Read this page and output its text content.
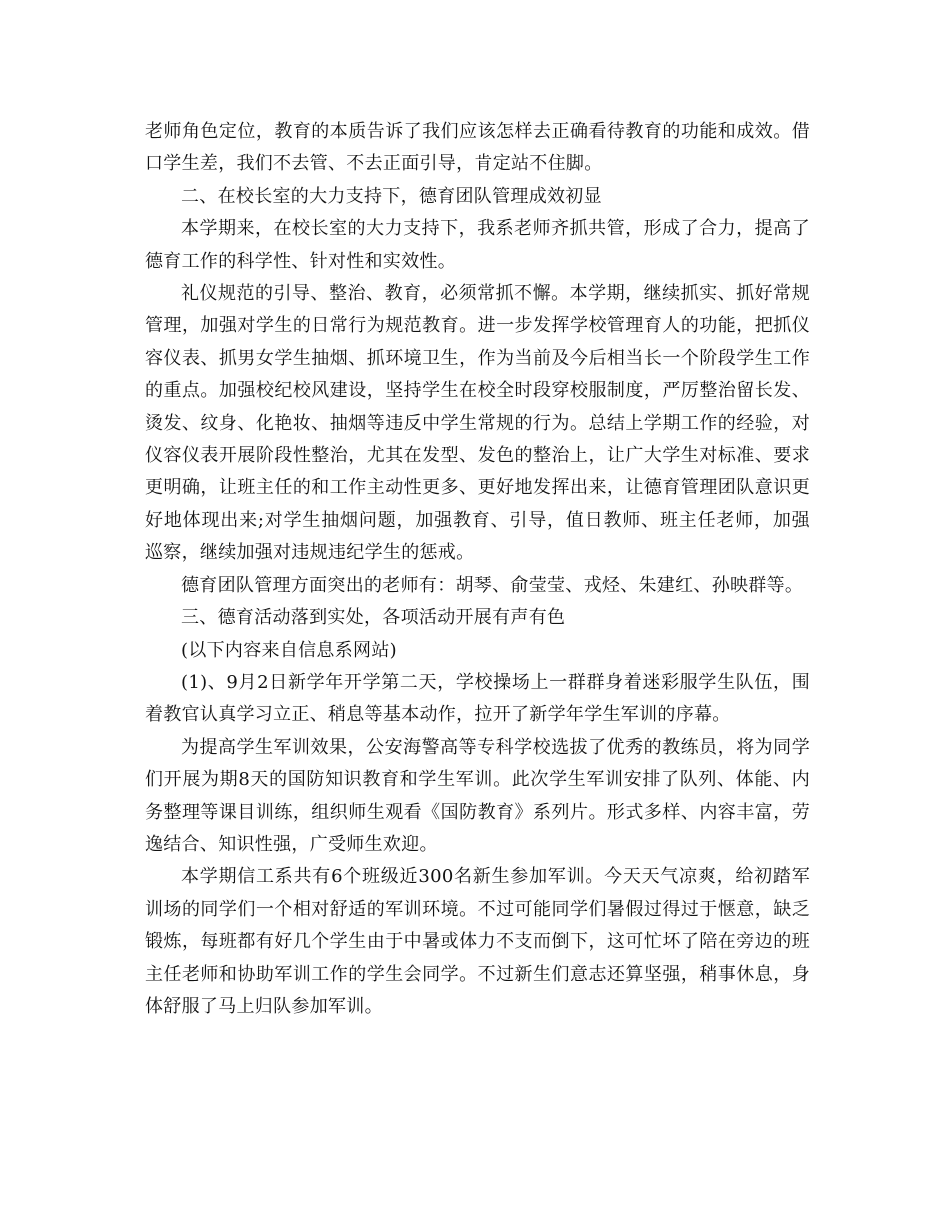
老师角色定位，教育的本质告诉了我们应该怎样去正确看待教育的功能和成效。借口学生差，我们不去管、不去正面引导，肯定站不住脚。

二、在校长室的大力支持下，德育团队管理成效初显

本学期来，在校长室的大力支持下，我系老师齐抓共管，形成了合力，提高了德育工作的科学性、针对性和实效性。

礼仪规范的引导、整治、教育，必须常抓不懈。本学期，继续抓实、抓好常规管理，加强对学生的日常行为规范教育。进一步发挥学校管理育人的功能，把抓仪容仪表、抓男女学生抽烟、抓环境卫生，作为当前及今后相当长一个阶段学生工作的重点。加强校纪校风建设，坚持学生在校全时段穿校服制度，严厉整治留长发、烫发、纹身、化艳妆、抽烟等违反中学生常规的行为。总结上学期工作的经验，对仪容仪表开展阶段性整治，尤其在发型、发色的整治上，让广大学生对标准、要求更明确，让班主任的和工作主动性更多、更好地发挥出来，让德育管理团队意识更好地体现出来;对学生抽烟问题，加强教育、引导，值日教师、班主任老师，加强巡察，继续加强对违规违纪学生的惩戒。

德育团队管理方面突出的老师有：胡琴、俞莹莹、戎烃、朱建红、孙映群等。

三、德育活动落到实处，各项活动开展有声有色

(以下内容来自信息系网站)

(1)、9月2日新学年开学第二天，学校操场上一群群身着迷彩服学生队伍，围着教官认真学习立正、稍息等基本动作，拉开了新学年学生军训的序幕。

为提高学生军训效果，公安海警高等专科学校选拔了优秀的教练员，将为同学们开展为期8天的国防知识教育和学生军训。此次学生军训安排了队列、体能、内务整理等课目训练，组织师生观看《国防教育》系列片。形式多样、内容丰富，劳逸结合、知识性强，广受师生欢迎。

本学期信工系共有6个班级近300名新生参加军训。今天天气凉爽，给初踏军训场的同学们一个相对舒适的军训环境。不过可能同学们暑假过得过于惬意，缺乏锻炼，每班都有好几个学生由于中暑或体力不支而倒下，这可忙坏了陪在旁边的班主任老师和协助军训工作的学生会同学。不过新生们意志还算坚强，稍事休息，身体舒服了马上归队参加军训。
